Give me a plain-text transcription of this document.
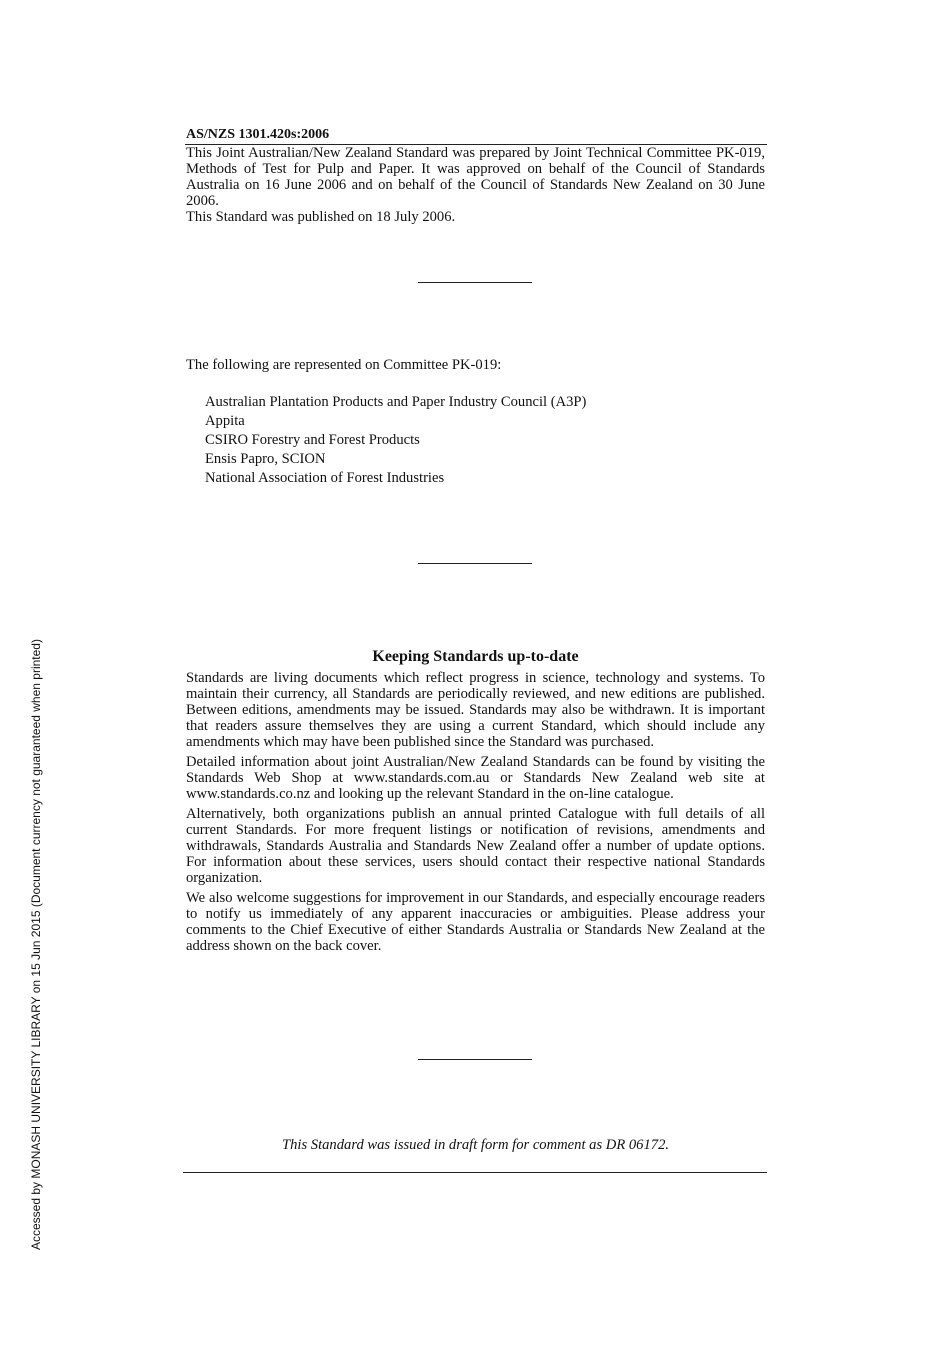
Accessed by MONASH UNIVERSITY LIBRARY on 15 Jun 2015 (Document currency not guaranteed when printed)
AS/NZS 1301.420s:2006

This Joint Australian/New Zealand Standard was prepared by Joint Technical Committee PK-019, Methods of Test for Pulp and Paper. It was approved on behalf of the Council of Standards Australia on 16 June 2006 and on behalf of the Council of Standards New Zealand on 30 June 2006.

This Standard was published on 18 July 2006.

The following are represented on Committee PK-019:
Australian Plantation Products and Paper Industry Council (A3P)
Appita
CSIRO Forestry and Forest Products
Ensis Papro, SCION
National Association of Forest Industries
Keeping Standards up-to-date

Standards are living documents which reflect progress in science, technology and systems. To maintain their currency, all Standards are periodically reviewed, and new editions are published. Between editions, amendments may be issued. Standards may also be withdrawn. It is important that readers assure themselves they are using a current Standard, which should include any amendments which may have been published since the Standard was purchased.

Detailed information about joint Australian/New Zealand Standards can be found by visiting the Standards Web Shop at www.standards.com.au or Standards New Zealand web site at www.standards.co.nz and looking up the relevant Standard in the on-line catalogue.

Alternatively, both organizations publish an annual printed Catalogue with full details of all current Standards. For more frequent listings or notification of revisions, amendments and withdrawals, Standards Australia and Standards New Zealand offer a number of update options. For information about these services, users should contact their respective national Standards organization.

We also welcome suggestions for improvement in our Standards, and especially encourage readers to notify us immediately of any apparent inaccuracies or ambiguities. Please address your comments to the Chief Executive of either Standards Australia or Standards New Zealand at the address shown on the back cover.

This Standard was issued in draft form for comment as DR 06172.
